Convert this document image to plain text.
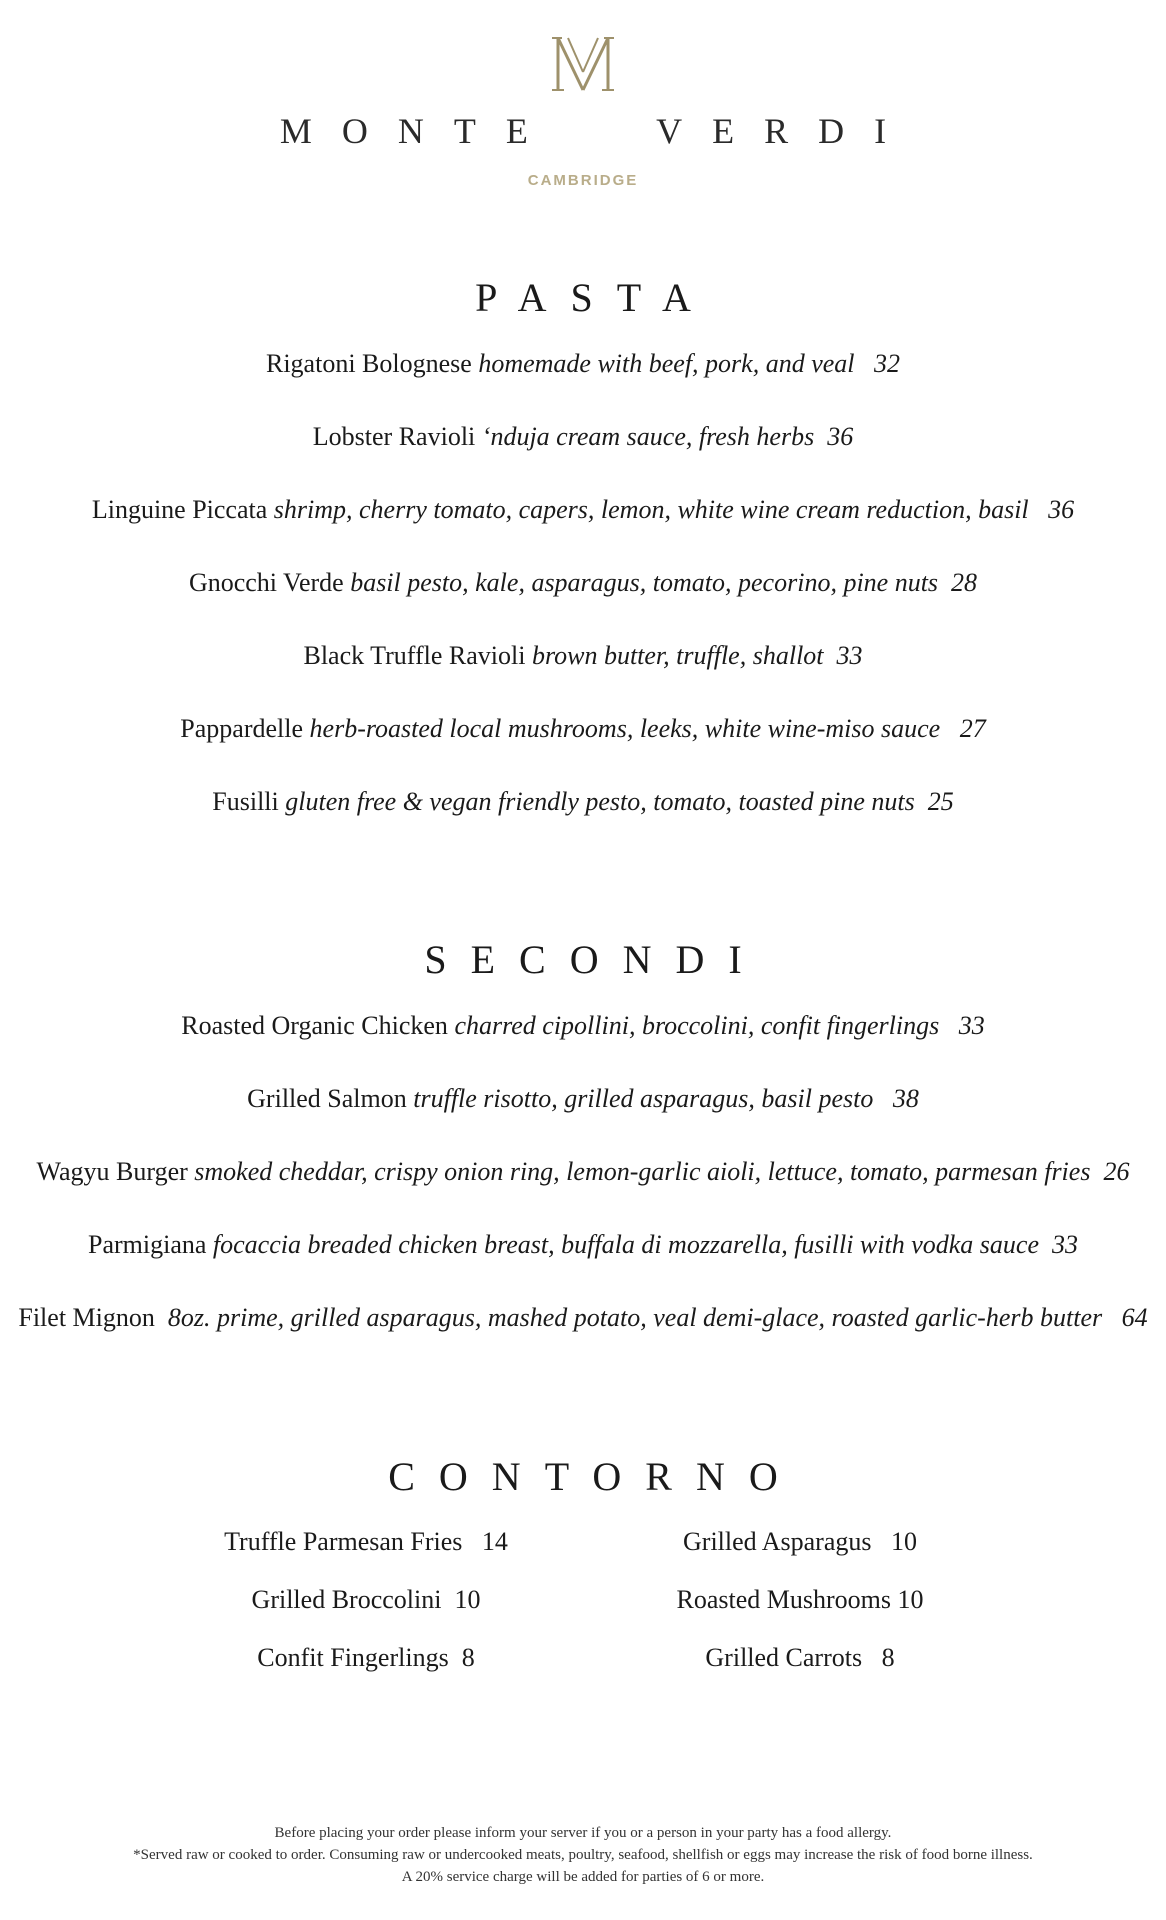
MONTE VERDI
CAMBRIDGE
PASTA
Rigatoni Bolognese homemade with beef, pork, and veal 32
Lobster Ravioli ‘nduja cream sauce, fresh herbs 36
Linguine Piccata shrimp, cherry tomato, capers, lemon, white wine cream reduction, basil 36
Gnocchi Verde basil pesto, kale, asparagus, tomato, pecorino, pine nuts 28
Black Truffle Ravioli brown butter, truffle, shallot 33
Pappardelle herb-roasted local mushrooms, leeks, white wine-miso sauce 27
Fusilli gluten free & vegan friendly pesto, tomato, toasted pine nuts 25
SECONDI
Roasted Organic Chicken charred cipollini, broccolini, confit fingerlings 33
Grilled Salmon truffle risotto, grilled asparagus, basil pesto 38
Wagyu Burger smoked cheddar, crispy onion ring, lemon-garlic aioli, lettuce, tomato, parmesan fries 26
Parmigiana focaccia breaded chicken breast, buffala di mozzarella, fusilli with vodka sauce 33
Filet Mignon 8oz. prime, grilled asparagus, mashed potato, veal demi-glace, roasted garlic-herb butter 64
CONTORNO
Truffle Parmesan Fries 14
Grilled Broccolini 10
Confit Fingerlings 8
Grilled Asparagus 10
Roasted Mushrooms 10
Grilled Carrots 8
Before placing your order please inform your server if you or a person in your party has a food allergy.
*Served raw or cooked to order. Consuming raw or undercooked meats, poultry, seafood, shellfish or eggs may increase the risk of food borne illness.
A 20% service charge will be added for parties of 6 or more.
